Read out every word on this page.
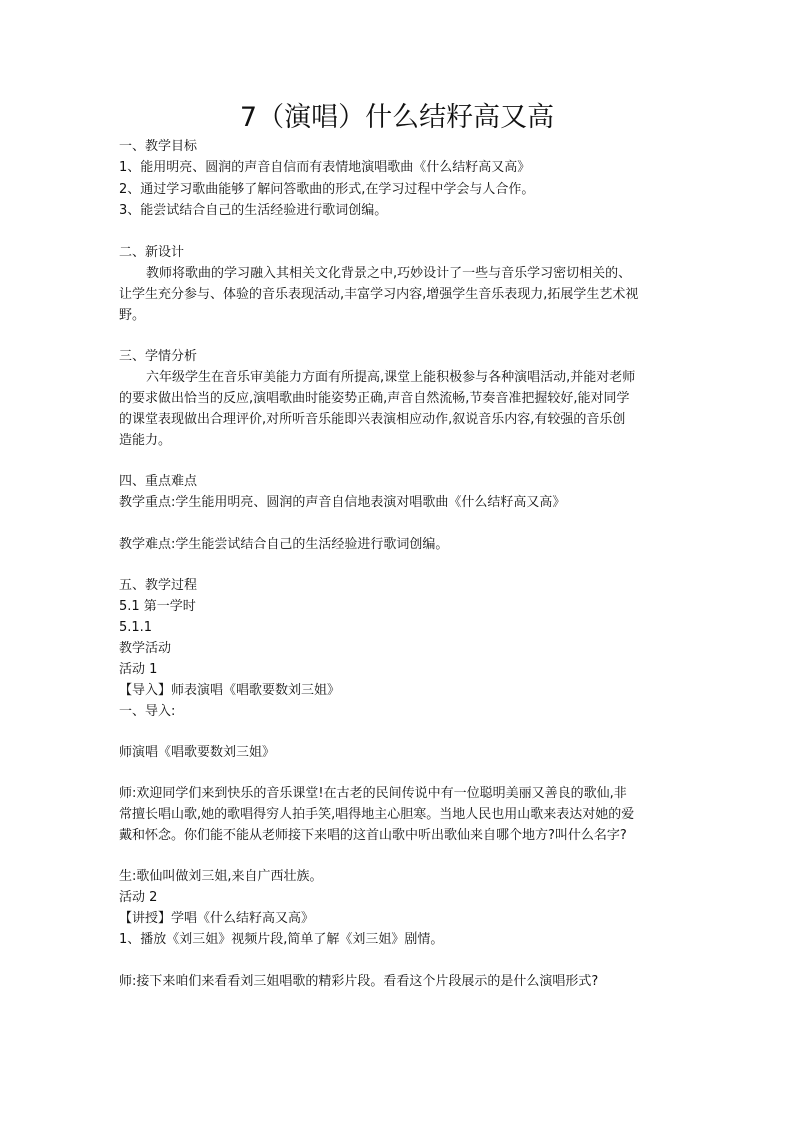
7（演唱）什么结籽高又高
一、教学目标
1、能用明亮、圆润的声音自信而有表情地演唱歌曲《什么结籽高又高》
2、通过学习歌曲能够了解问答歌曲的形式,在学习过程中学会与人合作。
3、能尝试结合自己的生活经验进行歌词创编。
二、新设计
教师将歌曲的学习融入其相关文化背景之中,巧妙设计了一些与音乐学习密切相关的、
让学生充分参与、体验的音乐表现活动,丰富学习内容,增强学生音乐表现力,拓展学生艺术视
野。
三、学情分析
六年级学生在音乐审美能力方面有所提高,课堂上能积极参与各种演唱活动,并能对老师
的要求做出恰当的反应,演唱歌曲时能姿势正确,声音自然流畅,节奏音准把握较好,能对同学
的课堂表现做出合理评价,对所听音乐能即兴表演相应动作,叙说音乐内容,有较强的音乐创
造能力。
四、重点难点
教学重点:学生能用明亮、圆润的声音自信地表演对唱歌曲《什么结籽高又高》
教学难点:学生能尝试结合自己的生活经验进行歌词创编。
五、教学过程
5.1 第一学时
5.1.1
教学活动
活动 1
【导入】师表演唱《唱歌要数刘三姐》
一、导入:
师演唱《唱歌要数刘三姐》
师:欢迎同学们来到快乐的音乐课堂!在古老的民间传说中有一位聪明美丽又善良的歌仙,非
常擅长唱山歌,她的歌唱得穷人拍手笑,唱得地主心胆寒。当地人民也用山歌来表达对她的爱
戴和怀念。你们能不能从老师接下来唱的这首山歌中听出歌仙来自哪个地方?叫什么名字?
生:歌仙叫做刘三姐,来自广西壮族。
活动 2
【讲授】学唱《什么结籽高又高》
1、播放《刘三姐》视频片段,简单了解《刘三姐》剧情。
师:接下来咱们来看看刘三姐唱歌的精彩片段。看看这个片段展示的是什么演唱形式?
